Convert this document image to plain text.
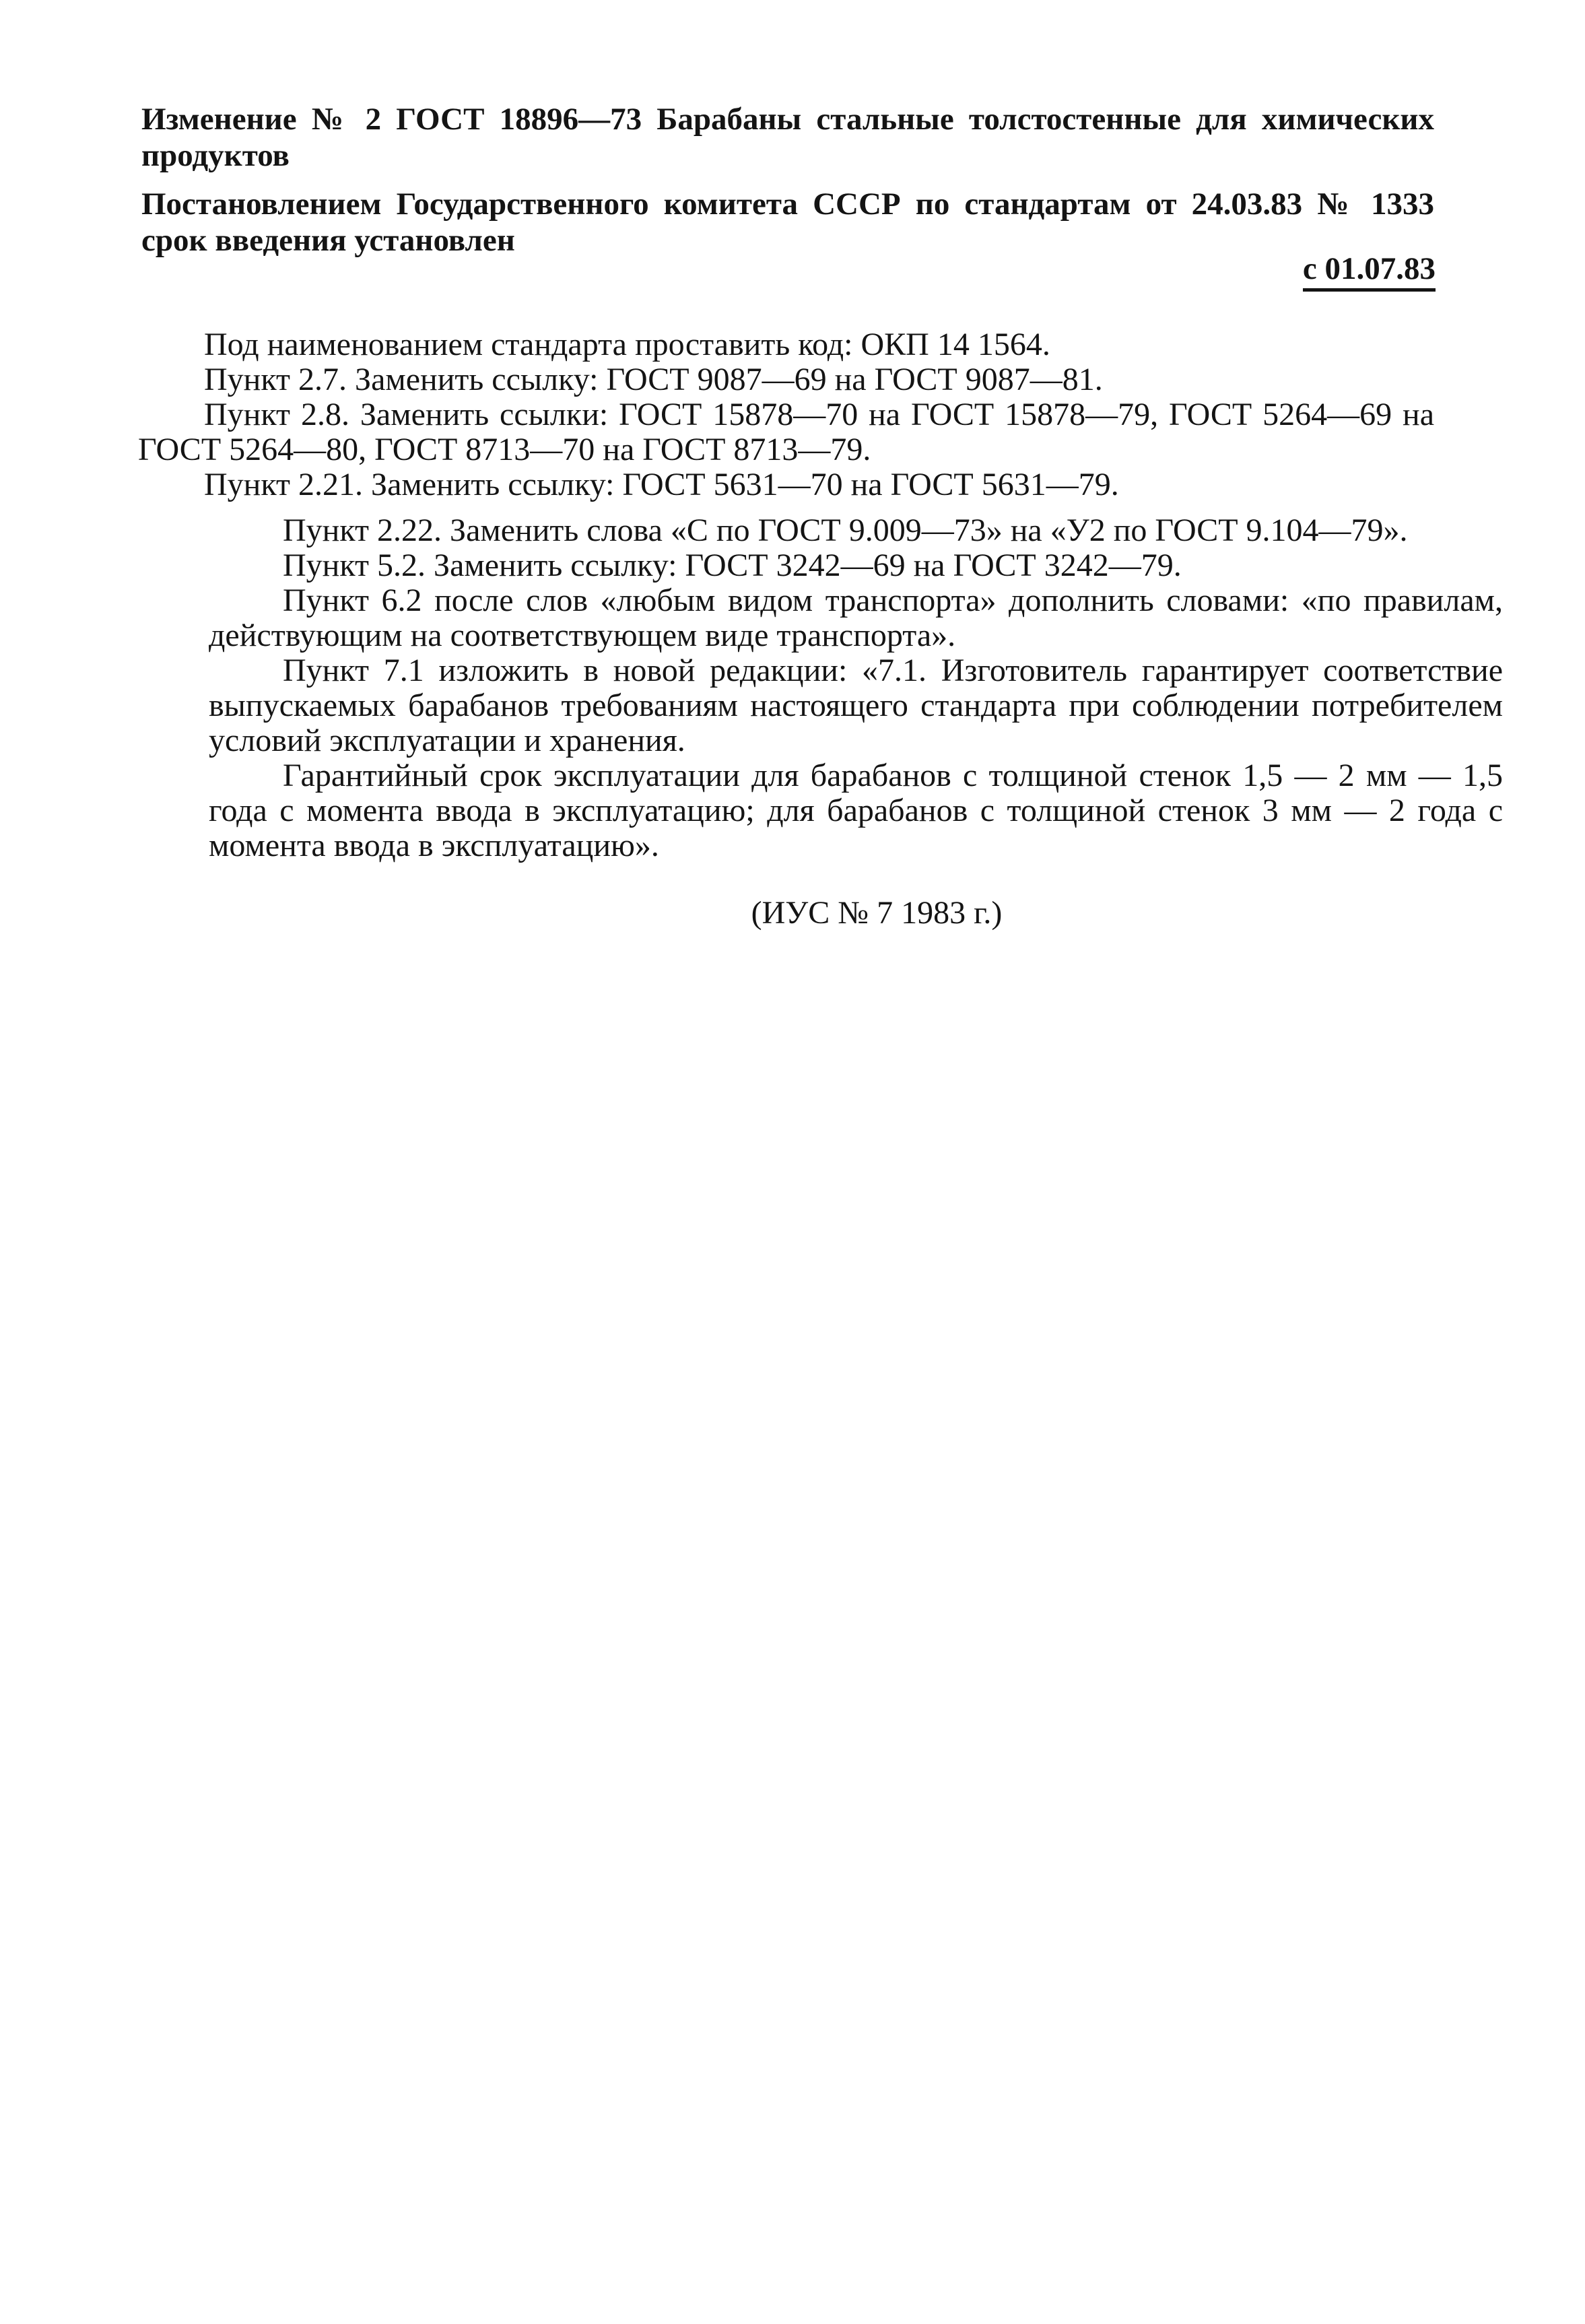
Изменение № 2 ГОСТ 18896—73 Барабаны стальные толстостенные для химических продуктов

Постановлением Государственного комитета СССР по стандартам от 24.03.83 № 1333 срок введения установлен

с 01.07.83

Под наименованием стандарта проставить код: ОКП 14 1564.

Пункт 2.7. Заменить ссылку: ГОСТ 9087—69 на ГОСТ 9087—81.

Пункт 2.8. Заменить ссылки: ГОСТ 15878—70 на ГОСТ 15878—79, ГОСТ 5264—69 на ГОСТ 5264—80, ГОСТ 8713—70 на ГОСТ 8713—79.

Пункт 2.21. Заменить ссылку: ГОСТ 5631—70 на ГОСТ 5631—79.

Пункт 2.22. Заменить слова «С по ГОСТ 9.009—73» на «У2 по ГОСТ 9.104—79».

Пункт 5.2. Заменить ссылку: ГОСТ 3242—69 на ГОСТ 3242—79.

Пункт 6.2 после слов «любым видом транспорта» дополнить словами: «по правилам, действующим на соответствующем виде транспорта».

Пункт 7.1 изложить в новой редакции: «7.1. Изготовитель гарантирует соответствие выпускаемых барабанов требованиям настоящего стандарта при соблюдении потребителем условий эксплуатации и хранения.

Гарантийный срок эксплуатации для барабанов с толщиной стенок 1,5 — 2 мм — 1,5 года с момента ввода в эксплуатацию; для барабанов с толщиной стенок 3 мм — 2 года с момента ввода в эксплуатацию».

(ИУС № 7 1983 г.)
